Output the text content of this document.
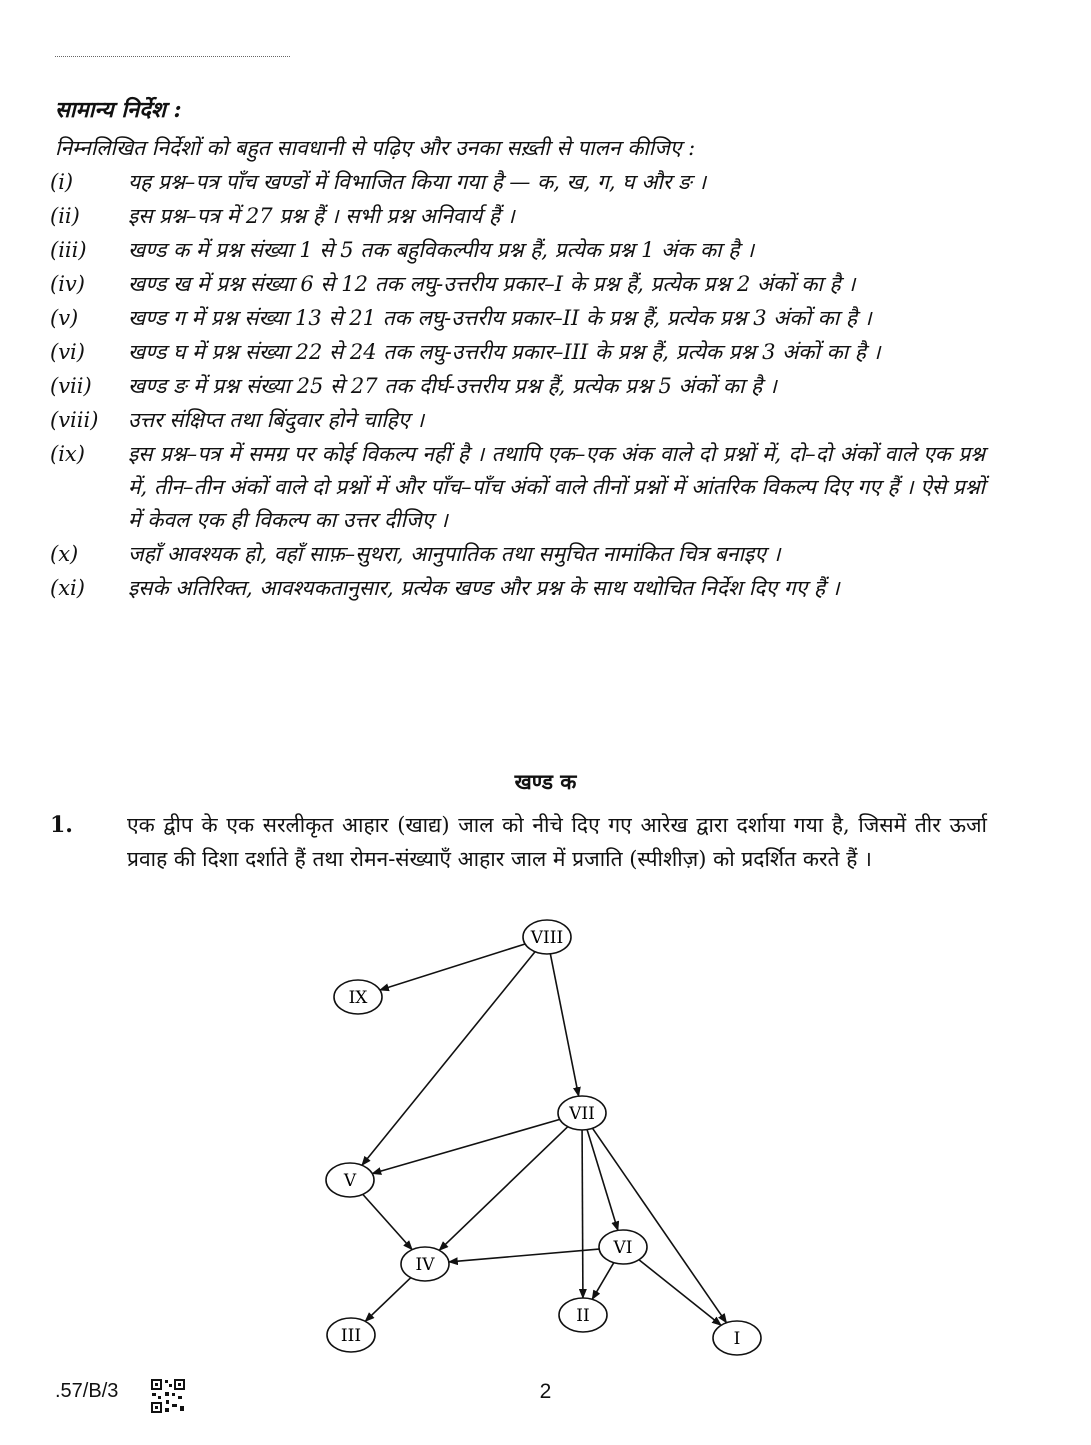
सामान्य निर्देश :
निम्नलिखित निर्देशों को बहुत सावधानी से पढ़िए और उनका सख़्ती से पालन कीजिए :
(i)	यह प्रश्न–पत्र पाँच खण्डों में विभाजित किया गया है — क, ख, ग, घ और ङ ।
(ii)	इस प्रश्न–पत्र में 27 प्रश्न हैं । सभी प्रश्न अनिवार्य हैं ।
(iii)	खण्ड क में प्रश्न संख्या 1 से 5 तक बहुविकल्पीय प्रश्न हैं, प्रत्येक प्रश्न 1 अंक का है ।
(iv)	खण्ड ख में प्रश्न संख्या 6 से 12 तक लघु-उत्तरीय प्रकार–I के प्रश्न हैं, प्रत्येक प्रश्न 2 अंकों का है ।
(v)	खण्ड ग में प्रश्न संख्या 13 से 21 तक लघु-उत्तरीय प्रकार–II के प्रश्न हैं, प्रत्येक प्रश्न 3 अंकों का है ।
(vi)	खण्ड घ में प्रश्न संख्या 22 से 24 तक लघु-उत्तरीय प्रकार–III के प्रश्न हैं, प्रत्येक प्रश्न 3 अंकों का है ।
(vii)	खण्ड ङ में प्रश्न संख्या 25 से 27 तक दीर्घ-उत्तरीय प्रश्न हैं, प्रत्येक प्रश्न 5 अंकों का है ।
(viii)	उत्तर संक्षिप्त तथा बिंदुवार होने चाहिए ।
(ix)	इस प्रश्न–पत्र में समग्र पर कोई विकल्प नहीं है । तथापि एक–एक अंक वाले दो प्रश्नों में, दो–दो अंकों वाले एक प्रश्न में, तीन–तीन अंकों वाले दो प्रश्नों में और पाँच–पाँच अंकों वाले तीनों प्रश्नों में आंतरिक विकल्प दिए गए हैं । ऐसे प्रश्नों में केवल एक ही विकल्प का उत्तर दीजिए ।
(x)	जहाँ आवश्यक हो, वहाँ साफ़–सुथरा, आनुपातिक तथा समुचित नामांकित चित्र बनाइए ।
(xi)	इसके अतिरिक्त, आवश्यकतानुसार, प्रत्येक खण्ड और प्रश्न के साथ यथोचित निर्देश दिए गए हैं ।
खण्ड क
1.	एक द्वीप के एक सरलीकृत आहार (खाद्य) जाल को नीचे दिए गए आरेख द्वारा दर्शाया गया है, जिसमें तीर ऊर्जा प्रवाह की दिशा दर्शाते हैं तथा रोमन-संख्याएँ आहार जाल में प्रजाति (स्पीशीज़) को प्रदर्शित करते हैं ।
VIII
IX
VII
V
VI
IV
II
III	I
.57/B/3	2
